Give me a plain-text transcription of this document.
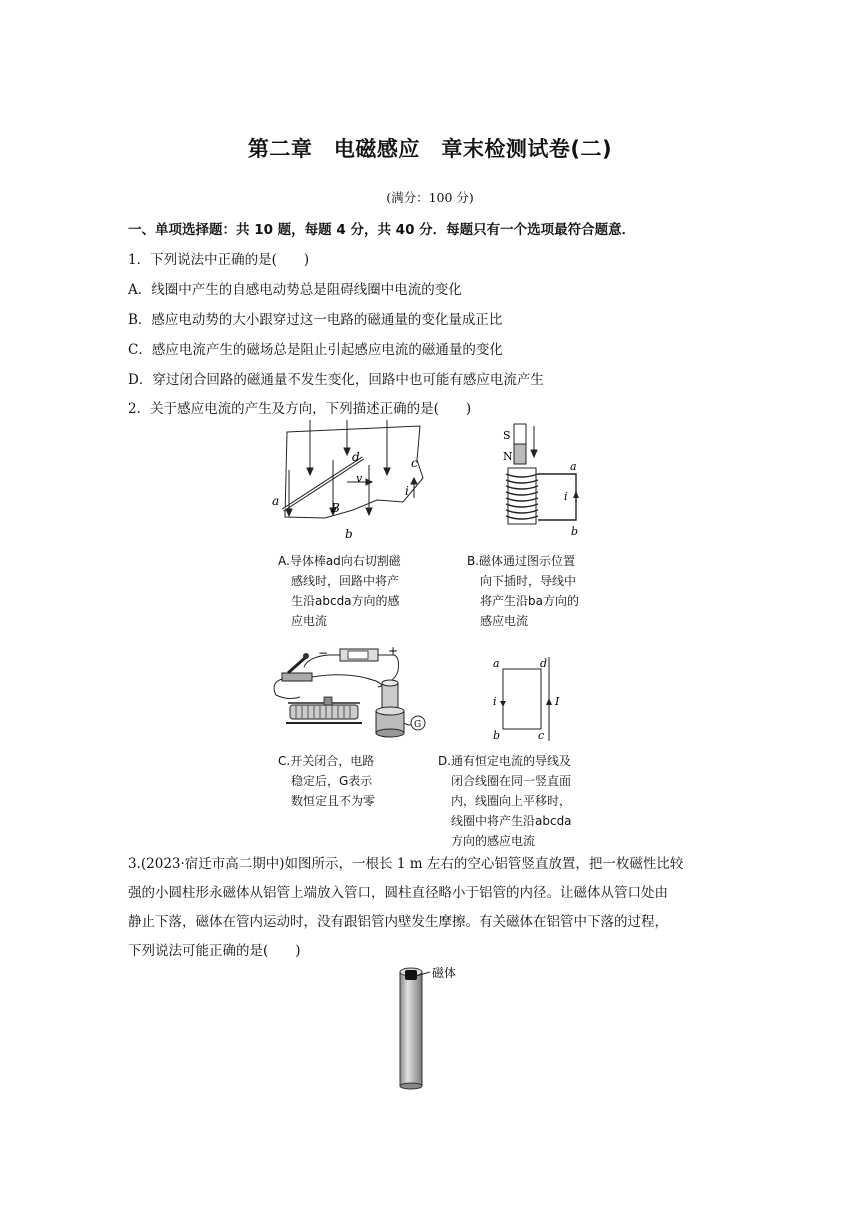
第二章　电磁感应　章末检测试卷(二)
(满分：100 分)
一、单项选择题：共 10 题，每题 4 分，共 40 分．每题只有一个选项最符合题意．
1．下列说法中正确的是(　　)
A．线圈中产生的自感电动势总是阻碍线圈中电流的变化
B．感应电动势的大小跟穿过这一电路的磁通量的变化量成正比
C．感应电流产生的磁场总是阻止引起感应电流的磁通量的变化
D．穿过闭合回路的磁通量不发生变化，回路中也可能有感应电流产生
2．关于感应电流的产生及方向，下列描述正确的是(　　)
d
v
c
i
a	B
b
S
N
a
i
b
A.导体棒ad向右切割磁
感线时，回路中将产
生沿abcda方向的感
应电流
B.磁体通过图示位置
向下插时，导线中
将产生沿ba方向的
感应电流
−	+
G
a	d
i	I
b	c
C.开关闭合，电路
稳定后，G表示
数恒定且不为零
D.通有恒定电流的导线及
闭合线圈在同一竖直面
内，线圈向上平移时，
线圈中将产生沿abcda
方向的感应电流
3.(2023·宿迁市高二期中)如图所示，一根长 1 m 左右的空心铝管竖直放置，把一枚磁性比较
强的小圆柱形永磁体从铝管上端放入管口，圆柱直径略小于铝管的内径。让磁体从管口处由
静止下落，磁体在管内运动时，没有跟铝管内壁发生摩擦。有关磁体在铝管中下落的过程，
下列说法可能正确的是(　　)
磁体
